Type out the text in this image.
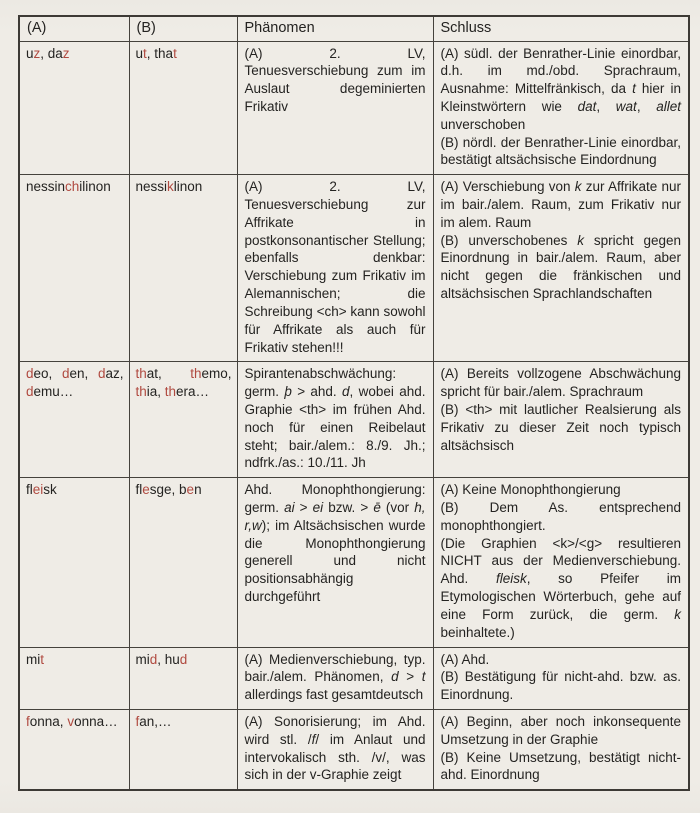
(A)	(B)	Phänomen	Schluss

uz, daz	ut, that	(A) 2. LV, Tenuesverschiebung zum im Auslaut degeminierten Frikativ	(A) südl. der Benrather-Linie einordbar, d.h. im md./obd. Sprachraum, Ausnahme: Mittelfränkisch, da t hier in Kleinstwörtern wie dat, wat, allet unverschoben

(B) nördl. der Benrather-Linie einordbar, bestätigt altsächsische Eindordnung

nessinchilinon	nessiklinon	(A) 2. LV, Tenuesverschiebung zur Affrikate in postkonsonantischer Stellung; ebenfalls denkbar: Verschiebung zum Frikativ im Alemannischen; die Schreibung <ch> kann sowohl für Affrikate als auch für Frikativ stehen!!!

(A) Verschiebung von k zur Affrikate nur im bair./alem. Raum, zum Frikativ nur im alem. Raum

(B) unverschobenes k spricht gegen Einordnung in bair./alem. Raum, aber nicht gegen die fränkischen und altsächsischen Sprachlandschaften

deo, den, daz, demu…	that, themo, thia, thera…	Spirantenabschwächung: germ. þ > ahd. d, wobei ahd. Graphie <th> im frühen Ahd. noch für einen Reibelaut steht; bair./alem.: 8./9. Jh.; ndfrk./as.: 10./11. Jh	(A) Bereits vollzogene Abschwächung spricht für bair./alem. Sprachraum

(B) <th> mit lautlicher Realsierung als Frikativ zu dieser Zeit noch typisch altsächsisch

fleisk	flesge, ben	Ahd. Monophthongierung: germ. ai > ei bzw. > ē (vor h, r,w); im Altsächsischen wurde die Monophthongierung generell und nicht positionsabhängig durchgeführt	(A) Keine Monophthongierung

(B) Dem As. entsprechend monophthongiert.

(Die Graphien <k>/<g> resultieren NICHT aus der Medienverschiebung. Ahd. fleisk, so Pfeifer im Etymologischen Wörterbuch, gehe auf eine Form zurück, die germ. k beinhaltete.)

mit	mid, hud	(A) Medienverschiebung, typ. bair./alem. Phänomen, d > t allerdings fast gesamtdeutsch	(A) Ahd.

(B) Bestätigung für nicht-ahd. bzw. as. Einordnung.

fonna, vonna…	fan,…	(A) Sonorisierung; im Ahd. wird stl. /f/ im Anlaut und intervokalisch sth. /v/, was sich in der v-Graphie zeigt	(A) Beginn, aber noch inkonsequente Umsetzung in der Graphie

(B) Keine Umsetzung, bestätigt nicht-ahd. Einordnung
